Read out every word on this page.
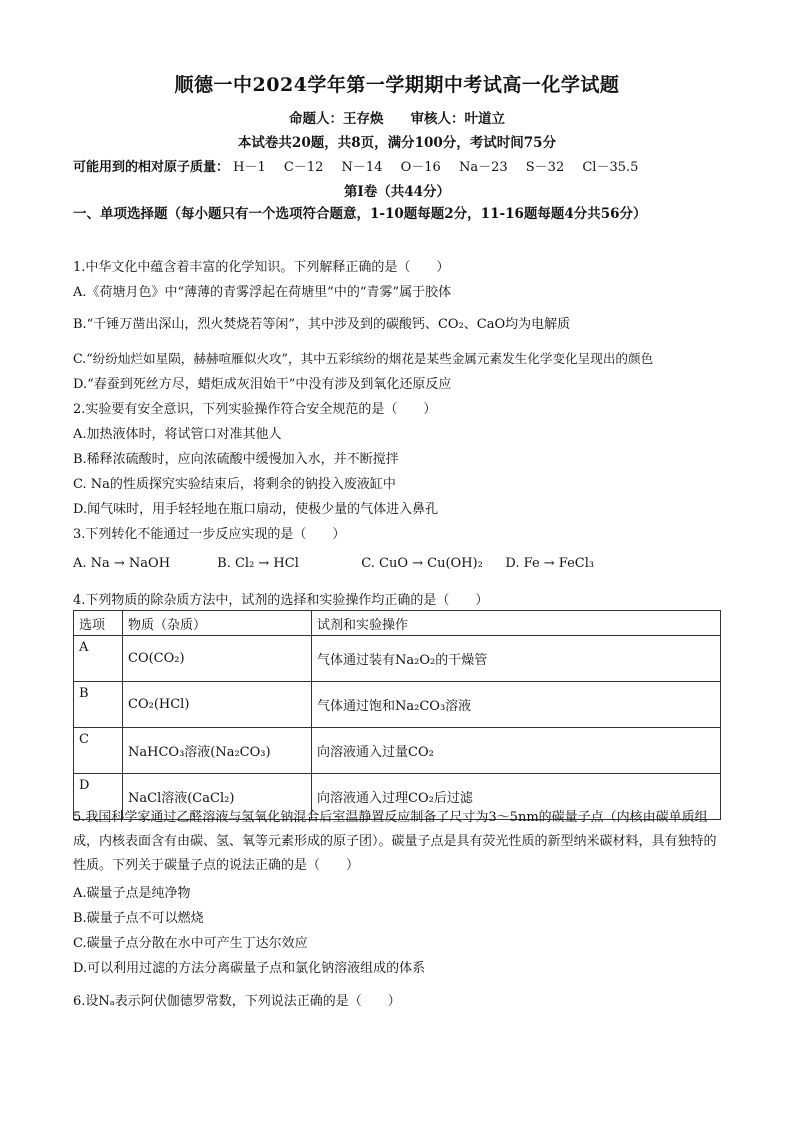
顺德一中2024学年第一学期期中考试高一化学试题
命题人：王存焕　　审核人：叶道立
本试卷共20题，共8页，满分100分，考试时间75分
可能用到的相对原子质量： H－1 C－12 N－14 O－16 Na－23 S－32 Cl－35.5
第Ⅰ卷（共44分）
一、单项选择题（每小题只有一个选项符合题意，1-10题每题2分，11-16题每题4分共56分）
1.中华文化中蕴含着丰富的化学知识。下列解释正确的是（　　）
A.《荷塘月色》中“薄薄的青雾浮起在荷塘里”中的“青雾”属于胶体
B.“千锤万凿出深山，烈火焚烧若等闲”，其中涉及到的碳酸钙、CO₂、CaO均为电解质
C.“纷纷灿烂如星陨，赫赫喧雁似火攻”，其中五彩缤纷的烟花是某些金属元素发生化学变化呈现出的颜色
D.“春蚕到死丝方尽，蜡炬成灰泪始干”中没有涉及到氧化还原反应
2.实验要有安全意识，下列实验操作符合安全规范的是（　　）
A.加热液体时，将试管口对准其他人
B.稀释浓硫酸时，应向浓硫酸中缓慢加入水，并不断搅拌
C. Na的性质探究实验结束后，将剩余的钠投入废液缸中
D.闻气味时，用手轻轻地在瓶口扇动，使极少量的气体进入鼻孔
3.下列转化不能通过一步反应实现的是（　　）
A. Na → NaOH	B. Cl₂ → HCl	C. CuO → Cu(OH)₂ D. Fe → FeCl₃
4.下列物质的除杂质方法中，试剂的选择和实验操作均正确的是（　　）
选项	物质（杂质）	试剂和实验操作
A	CO(CO₂)	气体通过装有Na₂O₂的干燥管
B	CO₂(HCl)	气体通过饱和Na₂CO₃溶液
C	NaHCO₃溶液(Na₂CO₃)	向溶液通入过量CO₂
D	NaCl溶液(CaCl₂)	向溶液通入过理CO₂后过滤
5.我国科学家通过乙醛溶液与氢氧化钠混合后室温静置反应制备了尺寸为3～5nm的碳量子点（内核由碳单质组成，内核表面含有由碳、氢、氧等元素形成的原子团）。碳量子点是具有荧光性质的新型纳米碳材料，具有独特的性质。下列关于碳量子点的说法正确的是（　　）
A.碳量子点是纯净物
B.碳量子点不可以燃烧
C.碳量子点分散在水中可产生丁达尔效应
D.可以利用过滤的方法分离碳量子点和氯化钠溶液组成的体系
6.设Nₐ表示阿伏伽德罗常数，下列说法正确的是（　　）
